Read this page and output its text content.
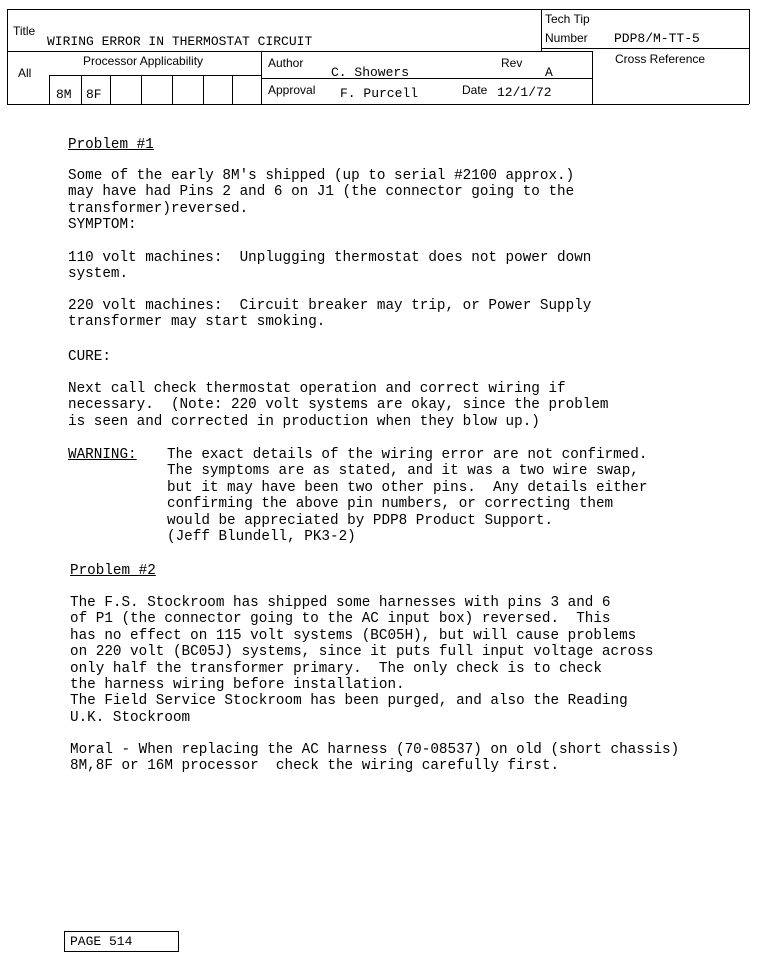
Title
WIRING ERROR IN THERMOSTAT CIRCUIT
Tech Tip
Number PDP8/M-TT-5
Processor Applicability
All
8M 8F
Author
C. Showers
Rev
A
Cross Reference
Approval F. Purcell	Date 12/1/72
Problem #1
Some of the early 8M's shipped (up to serial #2100 approx.)
may have had Pins 2 and 6 on J1 (the connector going to the
transformer)reversed.
SYMPTOM:
110 volt machines:  Unplugging thermostat does not power down
system.
220 volt machines:  Circuit breaker may trip, or Power Supply
transformer may start smoking.
CURE:
Next call check thermostat operation and correct wiring if
necessary.  (Note: 220 volt systems are okay, since the problem
is seen and corrected in production when they blow up.)
WARNING: The exact details of the wiring error are not confirmed.
The symptoms are as stated, and it was a two wire swap,
but it may have been two other pins.  Any details either
confirming the above pin numbers, or correcting them
would be appreciated by PDP8 Product Support.
(Jeff Blundell, PK3-2)
Problem #2
The F.S. Stockroom has shipped some harnesses with pins 3 and 6
of P1 (the connector going to the AC input box) reversed.  This
has no effect on 115 volt systems (BC05H), but will cause problems
on 220 volt (BC05J) systems, since it puts full input voltage across
only half the transformer primary.  The only check is to check
the harness wiring before installation.
The Field Service Stockroom has been purged, and also the Reading
U.K. Stockroom
Moral - When replacing the AC harness (70-08537) on old (short chassis)
8M,8F or 16M processor  check the wiring carefully first.
PAGE 514
